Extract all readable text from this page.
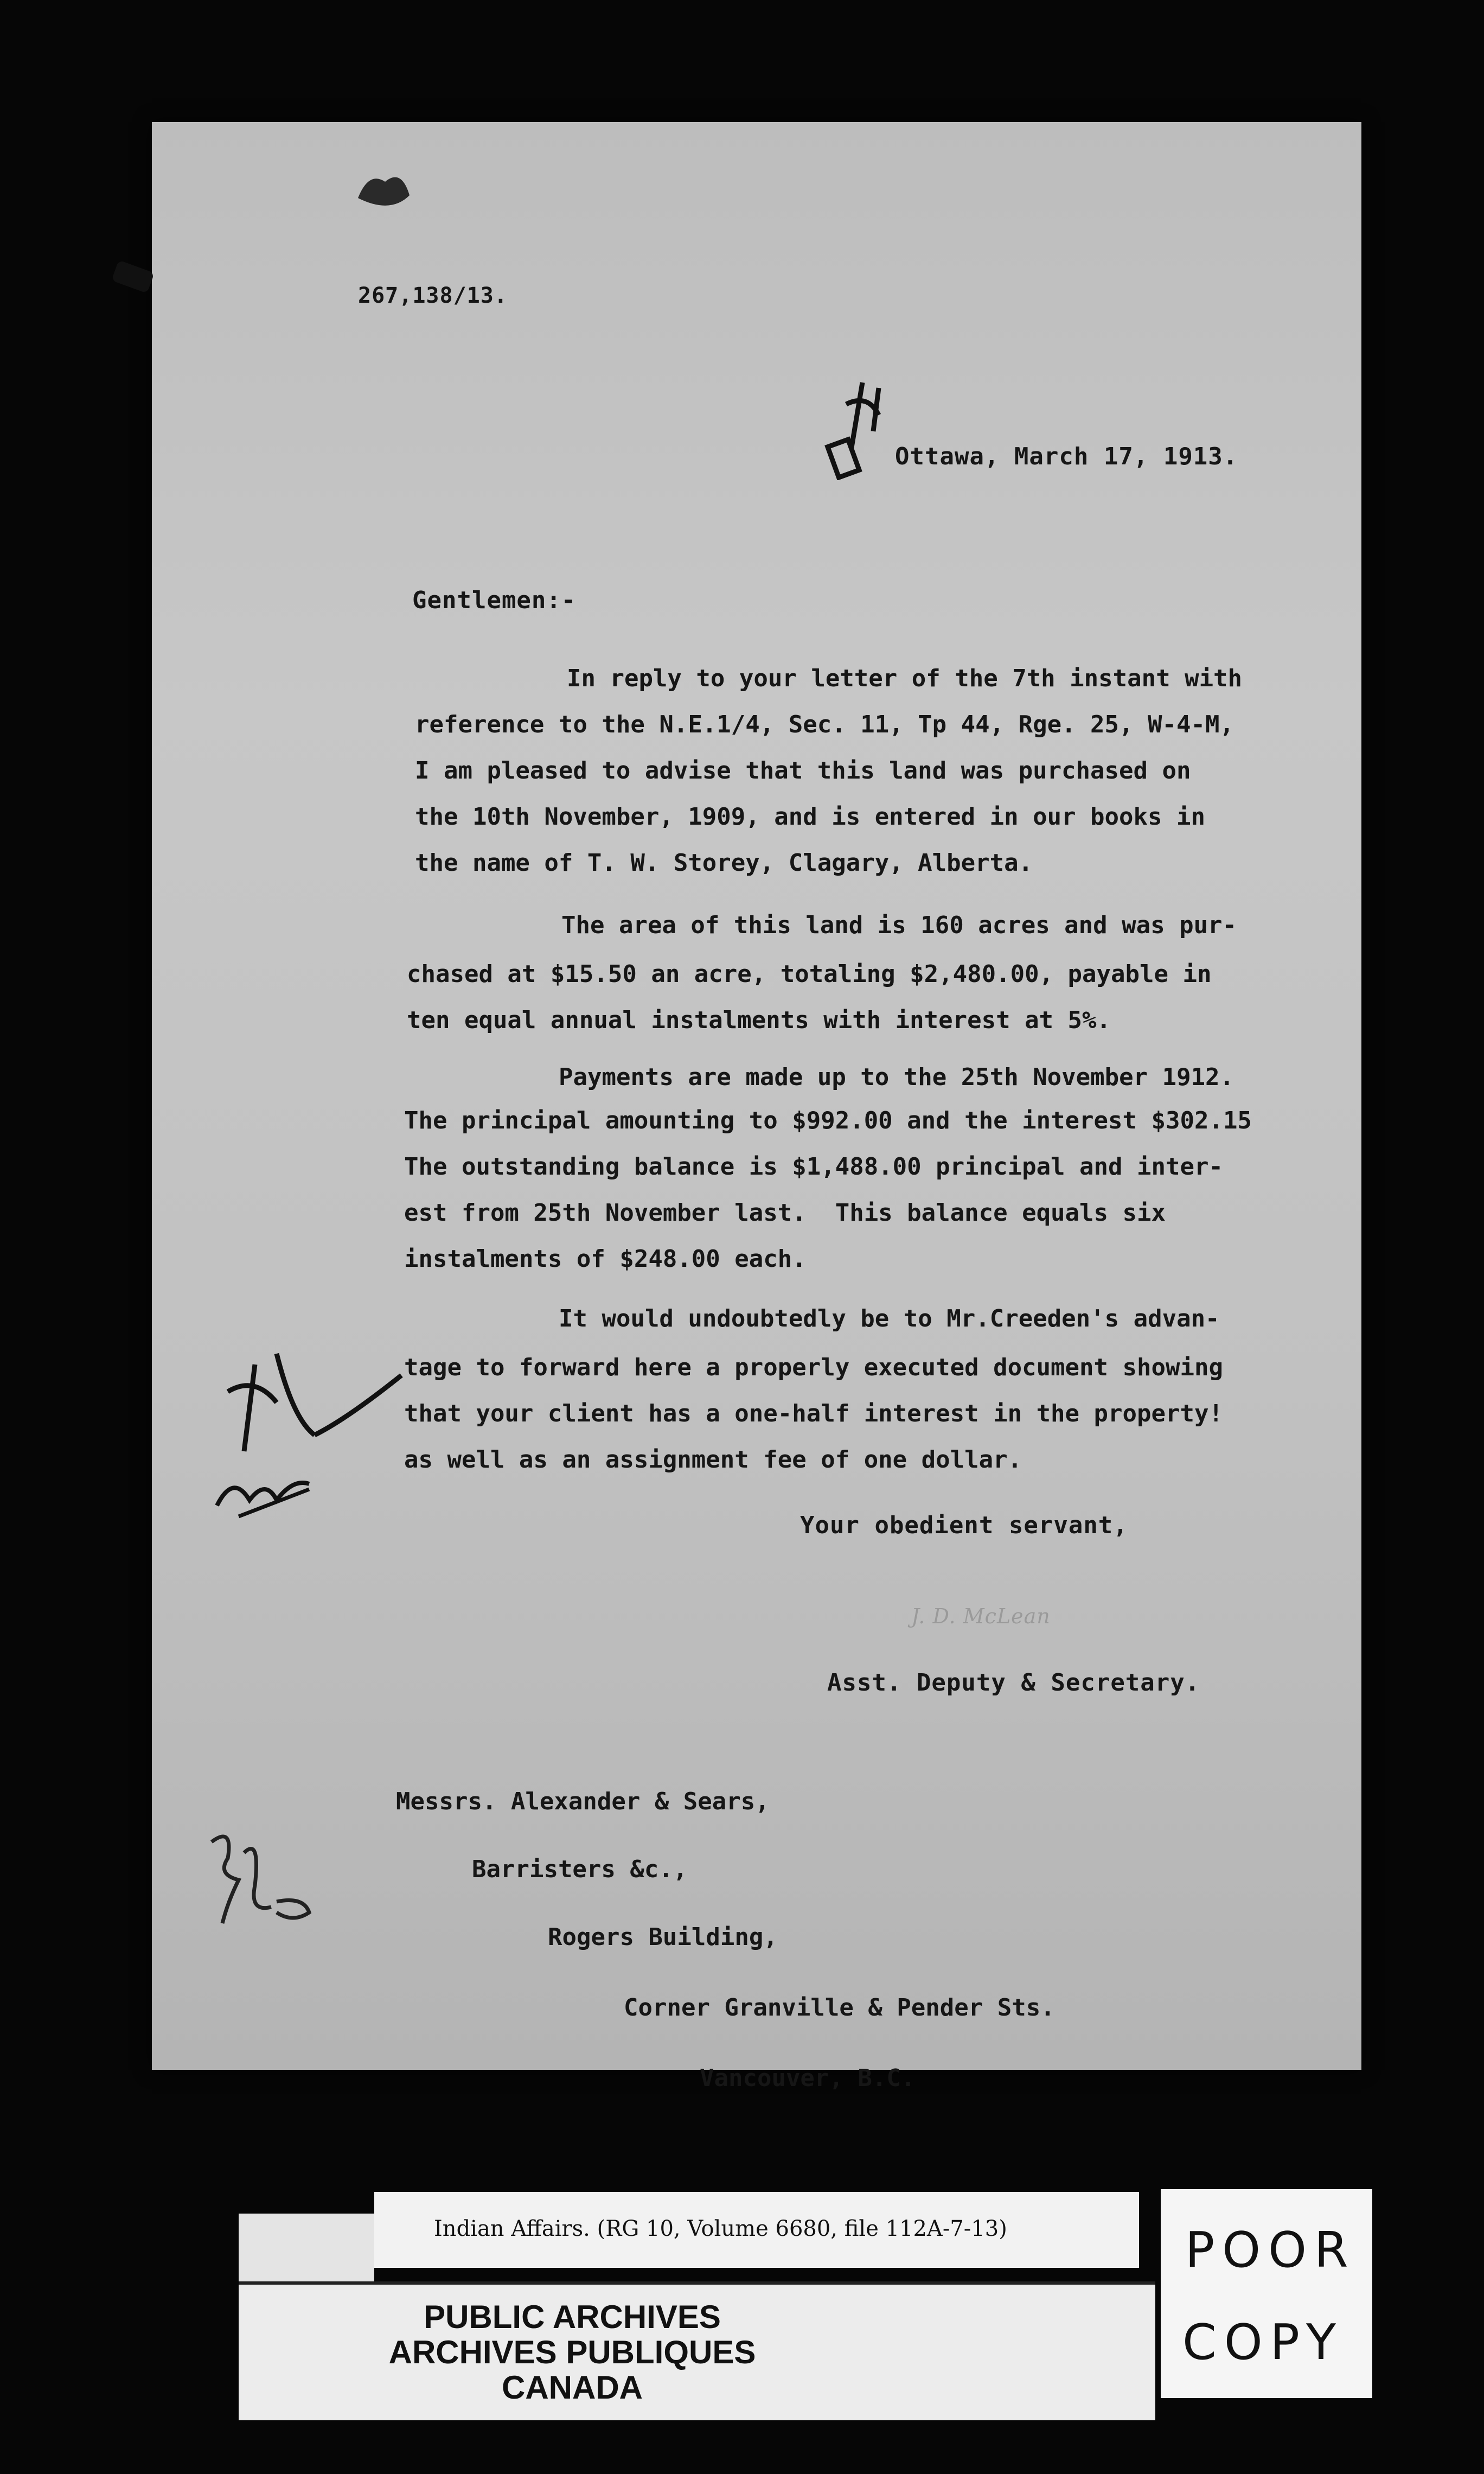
267,138/13.
Ottawa, March 17, 1913.
Gentlemen:-
In reply to your letter of the 7th instant with
reference to the N.E.1/4, Sec. 11, Tp 44, Rge. 25, W-4-M,
I am pleased to advise that this land was purchased on
the 10th November, 1909, and is entered in our books in
the name of T. W. Storey, Clagary, Alberta.
The area of this land is 160 acres and was pur-
chased at $15.50 an acre, totaling $2,480.00, payable in
ten equal annual instalments with interest at 5%.
Payments are made up to the 25th November 1912.
The principal amounting to $992.00 and the interest $302.15
The outstanding balance is $1,488.00 principal and inter-
est from 25th November last.  This balance equals six
instalments of $248.00 each.
It would undoubtedly be to Mr.Creeden's advan-
tage to forward here a properly executed document showing
that your client has a one-half interest in the property!
as well as an assignment fee of one dollar.
Your obedient servant,
J. D. McLean
Asst. Deputy & Secretary.
Messrs. Alexander & Sears,
Barristers &c.,
Rogers Building,
Corner Granville & Pender Sts.
Vancouver, B.C.
Indian Affairs. (RG 10, Volume 6680, file 112A-7-13)
PUBLIC ARCHIVES
ARCHIVES PUBLIQUES
CANADA
POOR
COPY
